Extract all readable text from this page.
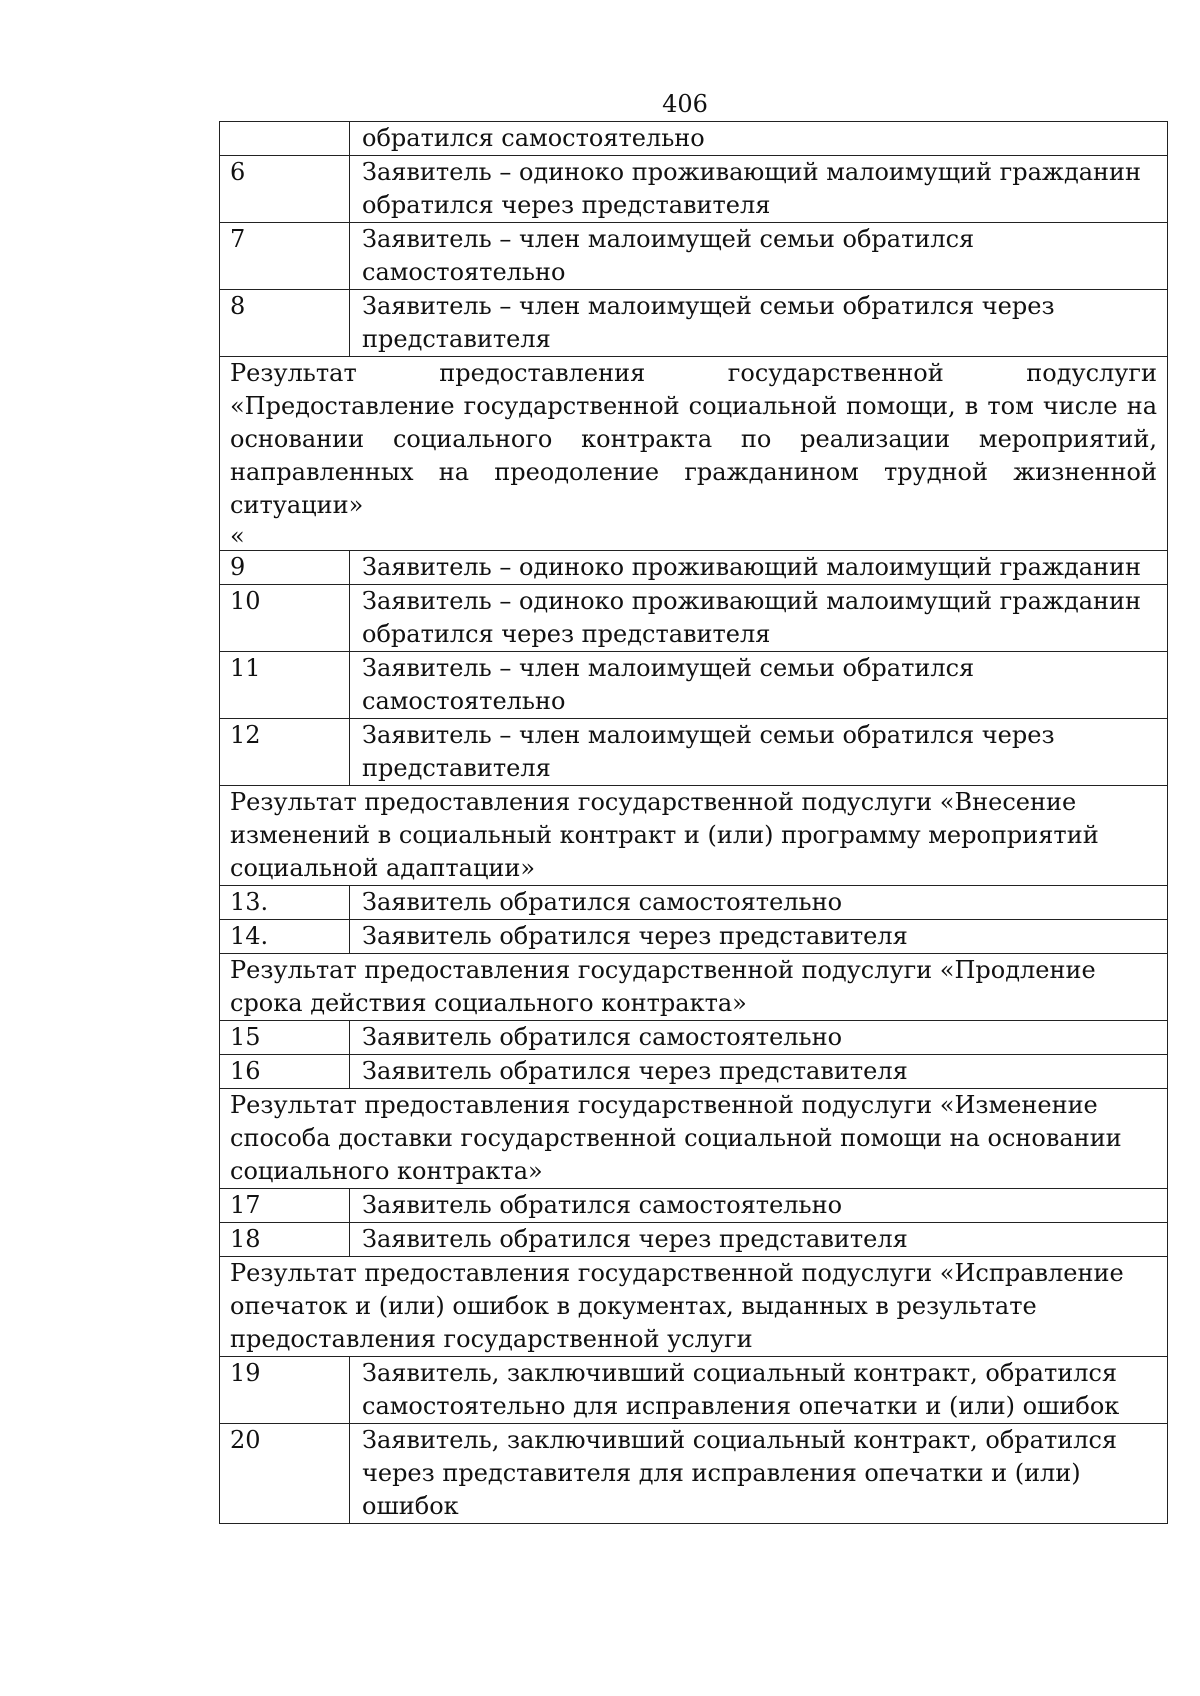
406
	обратился самостоятельно
6	Заявитель – одиноко проживающий малоимущий гражданин обратился через представителя
7	Заявитель – член малоимущей семьи обратился самостоятельно
8	Заявитель – член малоимущей семьи обратился через представителя

Результат предоставления государственной подуслуги «Предоставление государственной социальной помощи, в том числе на основании социального контракта по реализации мероприятий, направленных на преодоление гражданином трудной жизненной ситуации»
«	

9	Заявитель – одиноко проживающий малоимущий гражданин
10	Заявитель – одиноко проживающий малоимущий гражданин обратился через представителя
11	Заявитель – член малоимущей семьи обратился самостоятельно
12	Заявитель – член малоимущей семьи обратился через представителя
Результат предоставления государственной подуслуги «Внесение изменений в социальный контракт и (или) программу мероприятий социальной адаптации»	
13.	Заявитель обратился самостоятельно
14.	Заявитель обратился через представителя
Результат предоставления государственной подуслуги «Продление срока действия социального контракта»	
15	Заявитель обратился самостоятельно
16	Заявитель обратился через представителя
Результат предоставления государственной подуслуги «Изменение способа доставки государственной социальной помощи на основании социального контракта»	
17	Заявитель обратился самостоятельно
18	Заявитель обратился через представителя
Результат предоставления государственной подуслуги «Исправление опечаток и (или) ошибок в документах, выданных в результате предоставления государственной услуги	
19	Заявитель, заключивший социальный контракт, обратился самостоятельно для исправления опечатки и (или) ошибок
20	Заявитель, заключивший социальный контракт, обратился через представителя для исправления опечатки и (или) ошибок
